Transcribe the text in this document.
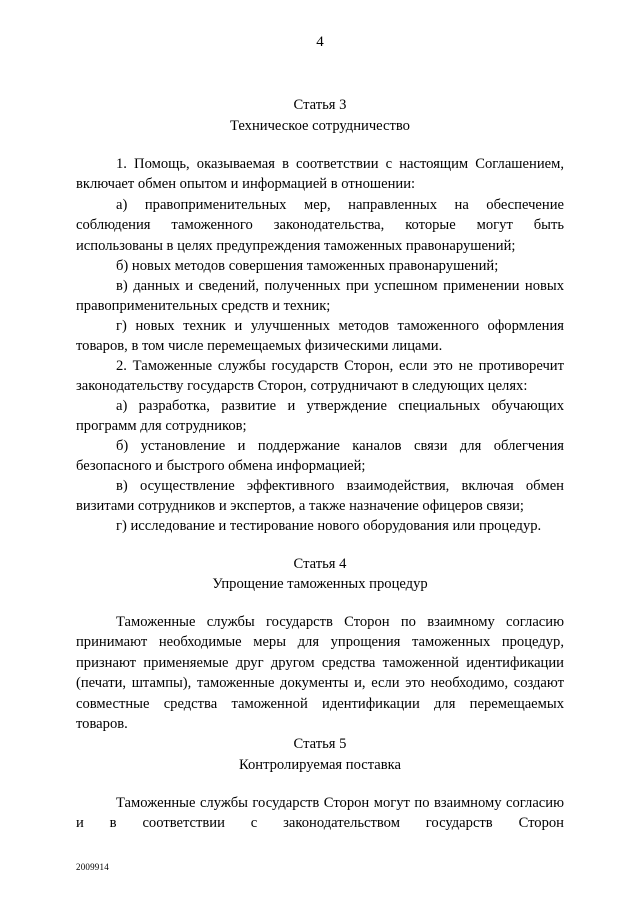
4
Статья 3
Техническое сотрудничество

1. Помощь, оказываемая в соответствии с настоящим Соглашением, включает обмен опытом и информацией в отношении:

а) правоприменительных мер, направленных на обеспечение соблюдения таможенного законодательства, которые могут быть использованы в целях предупреждения таможенных правонарушений;

б) новых методов совершения таможенных правонарушений;

в) данных и сведений, полученных при успешном применении новых правоприменительных средств и техник;

г) новых техник и улучшенных методов таможенного оформления товаров, в том числе перемещаемых физическими лицами.

2. Таможенные службы государств Сторон, если это не противоречит законодательству государств Сторон, сотрудничают в следующих целях:

а) разработка, развитие и утверждение специальных обучающих программ для сотрудников;

б) установление и поддержание каналов связи для облегчения безопасного и быстрого обмена информацией;

в) осуществление эффективного взаимодействия, включая обмен визитами сотрудников и экспертов, а также назначение офицеров связи;

г) исследование и тестирование нового оборудования или процедур.

Статья 4
Упрощение таможенных процедур

Таможенные службы государств Сторон по взаимному согласию принимают необходимые меры для упрощения таможенных процедур, признают применяемые друг другом средства таможенной идентификации (печати, штампы), таможенные документы и, если это необходимо, создают совместные средства таможенной идентификации для перемещаемых товаров.

Статья 5
Контролируемая поставка

Таможенные службы государств Сторон могут по взаимному согласию и в соответствии с законодательством государств Сторон

2009914
